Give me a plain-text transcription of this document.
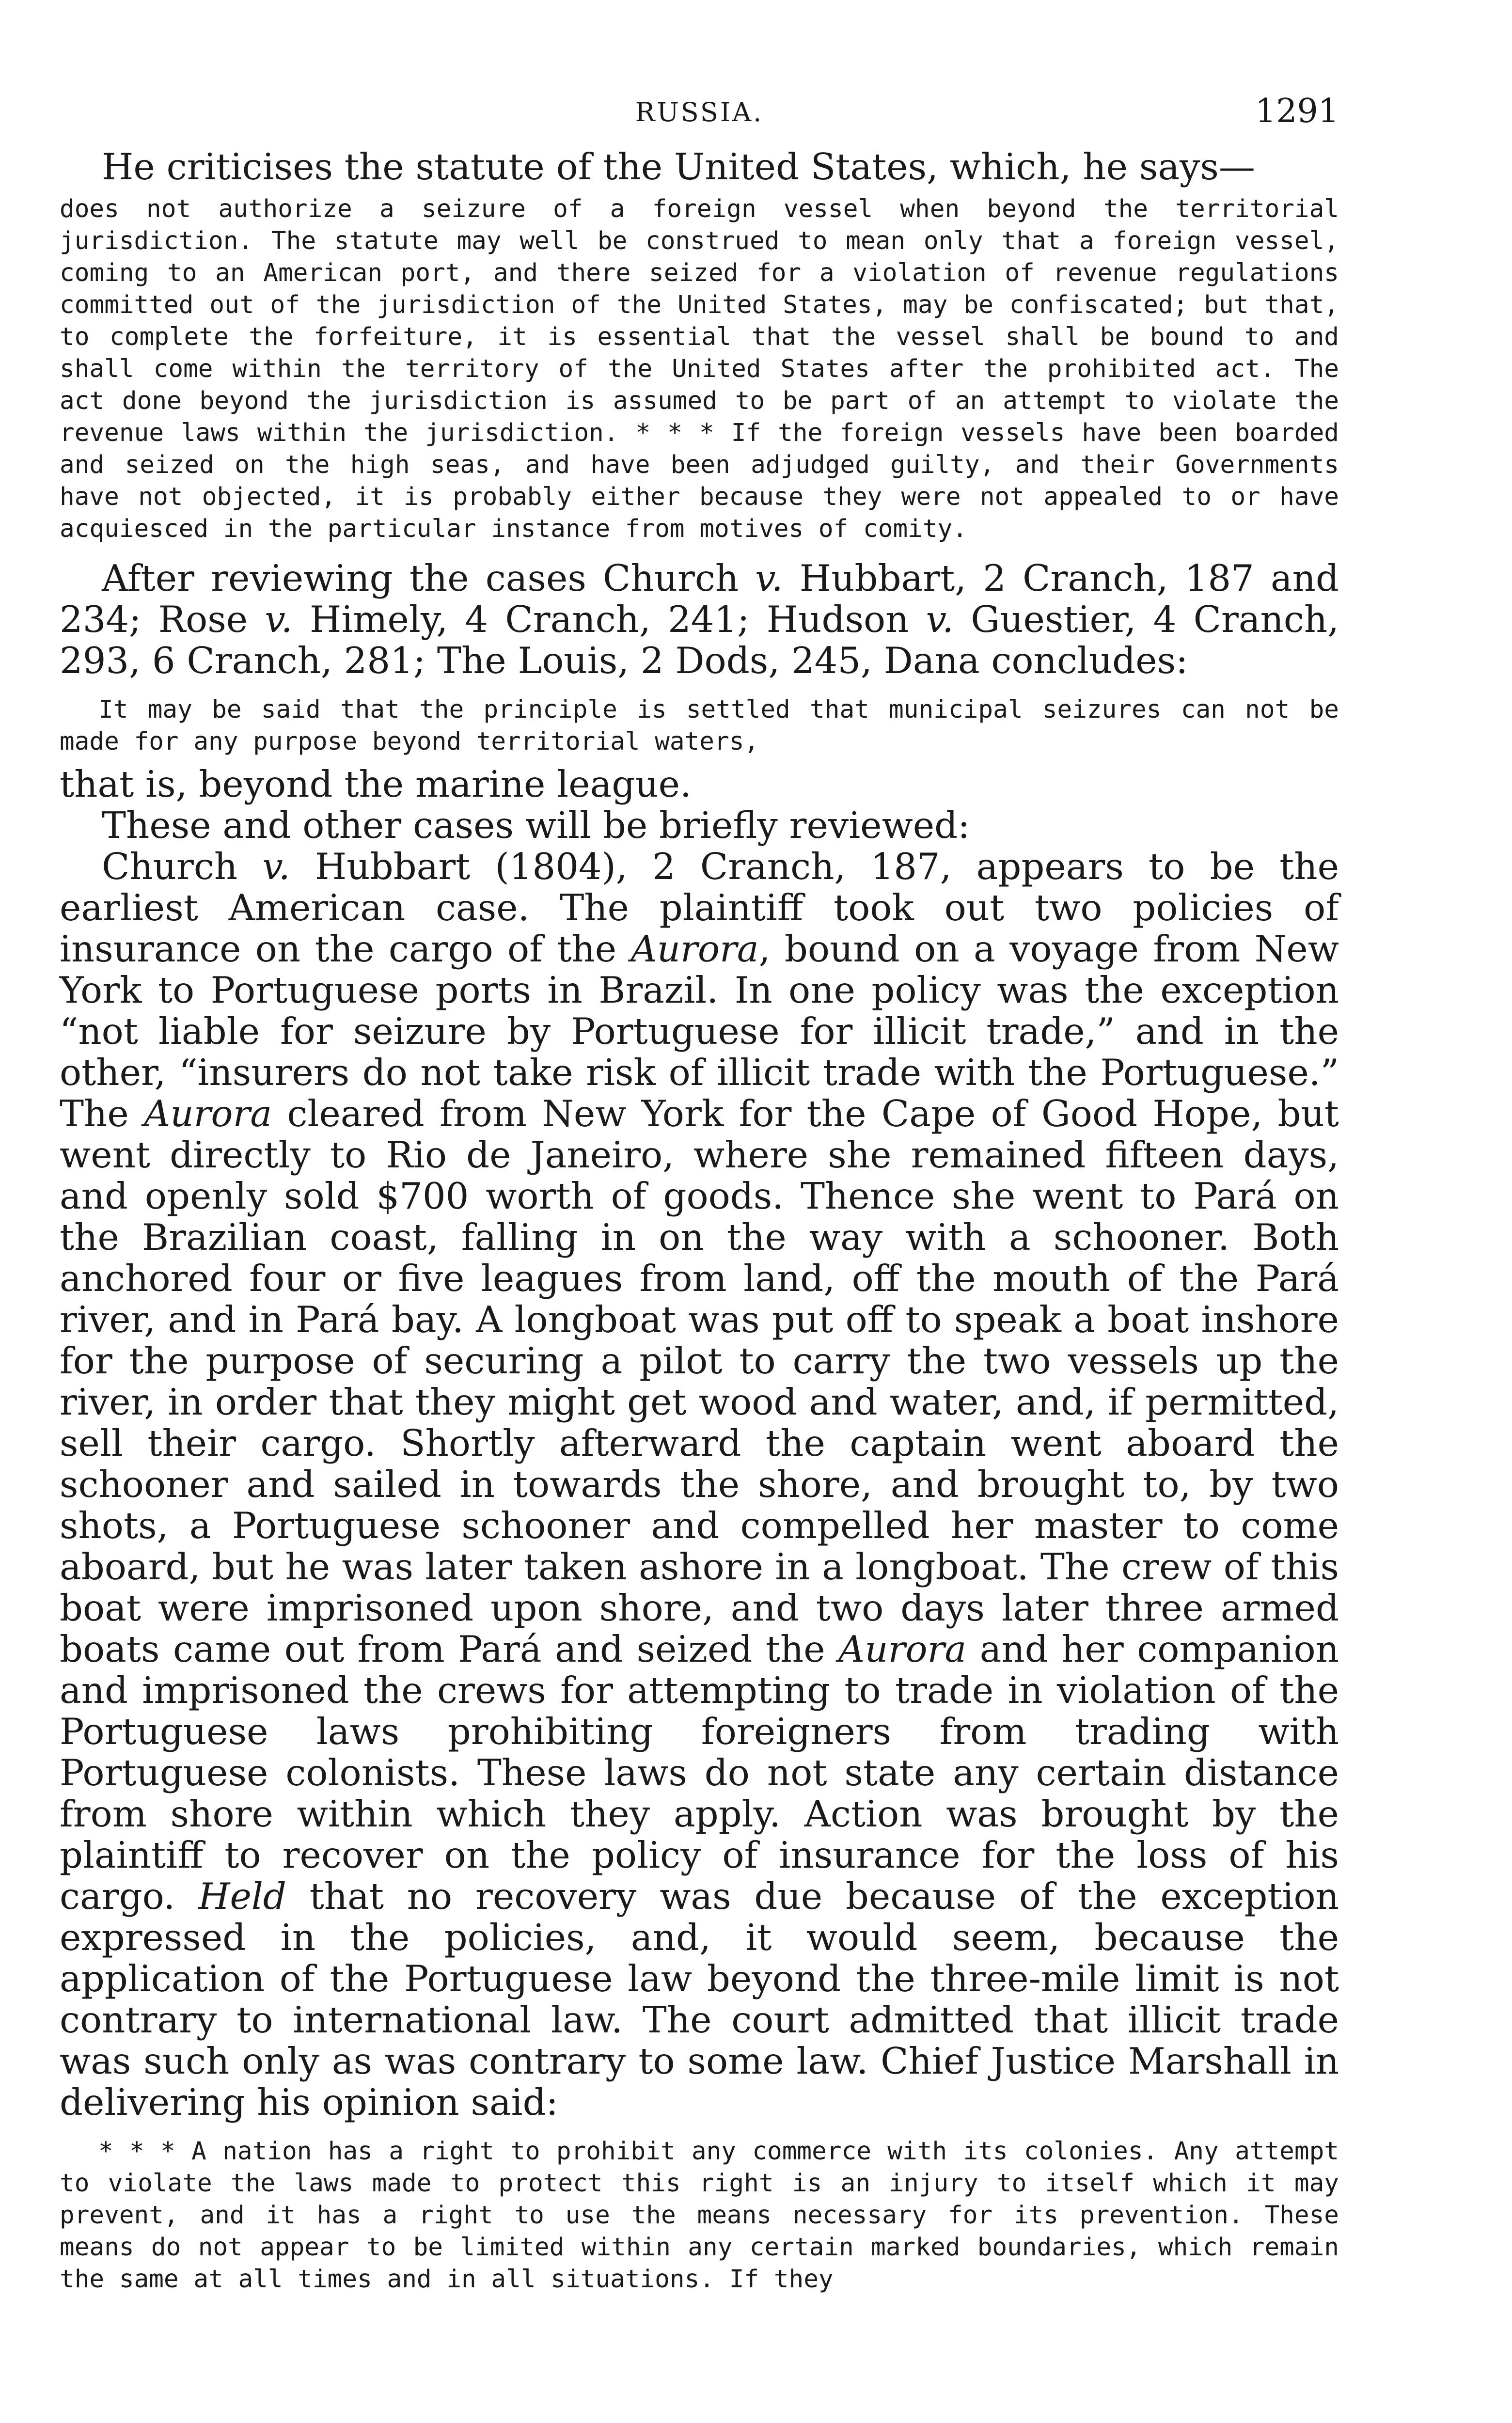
RUSSIA.	1291

He criticises the statute of the United States, which, he says—

does not authorize a seizure of a foreign vessel when beyond the territorial jurisdiction. The statute may well be construed to mean only that a foreign vessel, coming to an American port, and there seized for a violation of revenue regulations committed out of the jurisdiction of the United States, may be confiscated; but that, to complete the forfeiture, it is essential that the vessel shall be bound to and shall come within the territory of the United States after the prohibited act. The act done beyond the jurisdiction is assumed to be part of an attempt to violate the revenue laws within the jurisdiction. * * * If the foreign vessels have been boarded and seized on the high seas, and have been adjudged guilty, and their Governments have not objected, it is probably either because they were not appealed to or have acquiesced in the particular instance from motives of comity.

After reviewing the cases Church v. Hubbart, 2 Cranch, 187 and 234; Rose v. Himely, 4 Cranch, 241; Hudson v. Guestier, 4 Cranch, 293, 6 Cranch, 281; The Louis, 2 Dods, 245, Dana concludes:

It may be said that the principle is settled that municipal seizures can not be made for any purpose beyond territorial waters,

that is, beyond the marine league.

These and other cases will be briefly reviewed:

Church v. Hubbart (1804), 2 Cranch, 187, appears to be the earliest American case. The plaintiff took out two policies of insurance on the cargo of the Aurora, bound on a voyage from New York to Portuguese ports in Brazil. In one policy was the exception “not liable for seizure by Portuguese for illicit trade,” and in the other, “insurers do not take risk of illicit trade with the Portuguese.” The Aurora cleared from New York for the Cape of Good Hope, but went directly to Rio de Janeiro, where she remained fifteen days, and openly sold $700 worth of goods. Thence she went to Pará on the Brazilian coast, falling in on the way with a schooner. Both anchored four or five leagues from land, off the mouth of the Pará river, and in Pará bay. A longboat was put off to speak a boat inshore for the purpose of securing a pilot to carry the two vessels up the river, in order that they might get wood and water, and, if permitted, sell their cargo. Shortly afterward the captain went aboard the schooner and sailed in towards the shore, and brought to, by two shots, a Portuguese schooner and compelled her master to come aboard, but he was later taken ashore in a longboat. The crew of this boat were imprisoned upon shore, and two days later three armed boats came out from Pará and seized the Aurora and her companion and imprisoned the crews for attempting to trade in violation of the Portuguese laws prohibiting foreigners from trading with Portuguese colonists. These laws do not state any certain distance from shore within which they apply. Action was brought by the plaintiff to recover on the policy of insurance for the loss of his cargo. Held that no recovery was due because of the exception expressed in the policies, and, it would seem, because the application of the Portuguese law beyond the three-mile limit is not contrary to international law. The court admitted that illicit trade was such only as was contrary to some law. Chief Justice Marshall in delivering his opinion said:

* * * A nation has a right to prohibit any commerce with its colonies. Any attempt to violate the laws made to protect this right is an injury to itself which it may prevent, and it has a right to use the means necessary for its prevention. These means do not appear to be limited within any certain marked boundaries, which remain the same at all times and in all situations. If they
